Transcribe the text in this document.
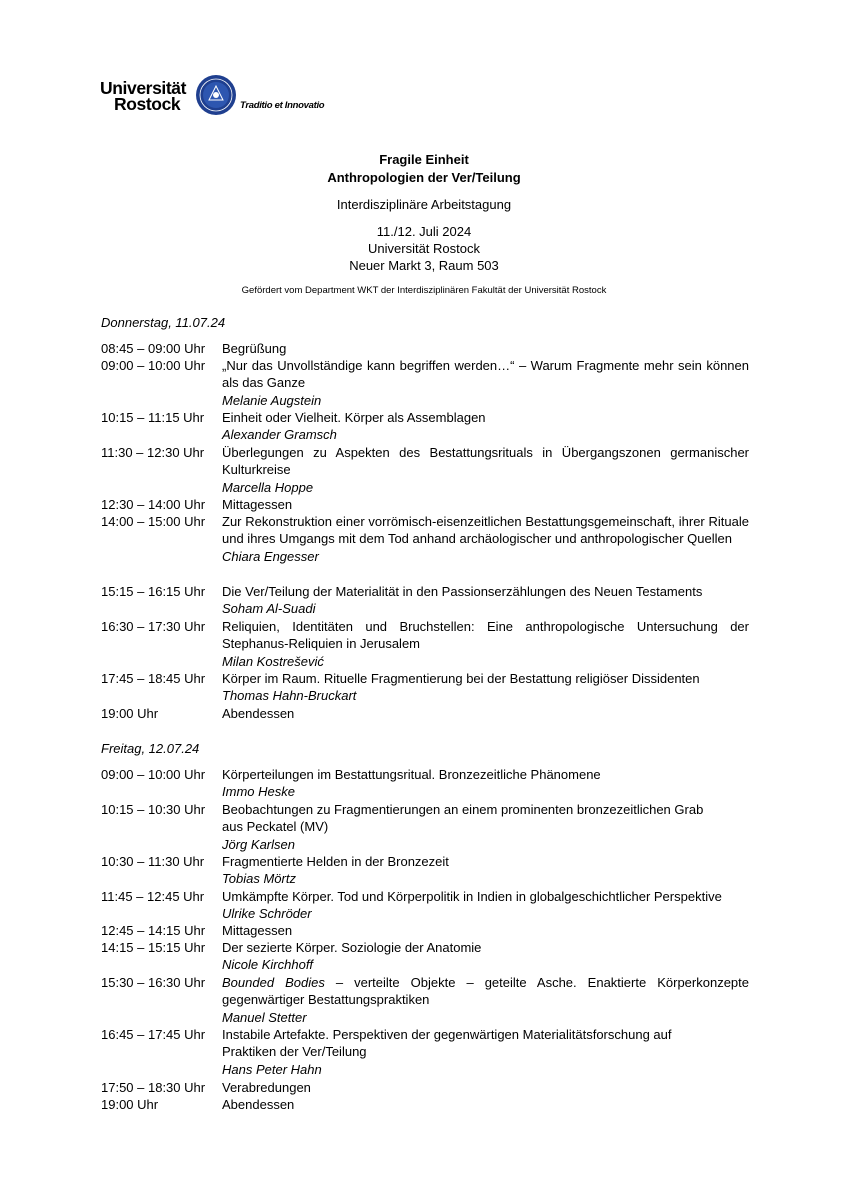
Universität
Rostock	Traditio et Innovatio
Fragile Einheit
Anthropologien der Ver/Teilung
Interdisziplinäre Arbeitstagung
11./12. Juli 2024
Universität Rostock
Neuer Markt 3, Raum 503
Gefördert vom Department WKT der Interdisziplinären Fakultät der Universität Rostock
Donnerstag, 11.07.24
08:45 – 09:00 Uhr	Begrüßung
09:00 – 10:00 Uhr	„Nur das Unvollständige kann begriffen werden…“ – Warum Fragmente mehr sein können als das Ganze
Melanie Augstein
10:15 – 11:15 Uhr	Einheit oder Vielheit. Körper als Assemblagen
Alexander Gramsch
11:30 – 12:30 Uhr	Überlegungen zu Aspekten des Bestattungsrituals in Übergangszonen germanischer Kulturkreise
Marcella Hoppe
12:30 – 14:00 Uhr	Mittagessen
14:00 – 15:00 Uhr	Zur Rekonstruktion einer vorrömisch-eisenzeitlichen Bestattungsgemeinschaft, ihrer Rituale und ihres Umgangs mit dem Tod anhand archäologischer und anthropologischer Quellen
Chiara Engesser
15:15 – 16:15 Uhr	Die Ver/Teilung der Materialität in den Passionserzählungen des Neuen Testaments
Soham Al-Suadi
16:30 – 17:30 Uhr	Reliquien, Identitäten und Bruchstellen: Eine anthropologische Untersuchung der Stephanus-Reliquien in Jerusalem
Milan Kostrešević
17:45 – 18:45 Uhr	Körper im Raum. Rituelle Fragmentierung bei der Bestattung religiöser Dissidenten
Thomas Hahn-Bruckart
19:00 Uhr	Abendessen
Freitag, 12.07.24
09:00 – 10:00 Uhr	Körperteilungen im Bestattungsritual. Bronzezeitliche Phänomene
Immo Heske
10:15 – 10:30 Uhr	Beobachtungen zu Fragmentierungen an einem prominenten bronzezeitlichen Grab aus Peckatel (MV)
Jörg Karlsen
10:30 – 11:30 Uhr	Fragmentierte Helden in der Bronzezeit
Tobias Mörtz
11:45 – 12:45 Uhr	Umkämpfte Körper. Tod und Körperpolitik in Indien in globalgeschichtlicher Perspektive
Ulrike Schröder
12:45 – 14:15 Uhr	Mittagessen
14:15 – 15:15 Uhr	Der sezierte Körper. Soziologie der Anatomie
Nicole Kirchhoff
15:30 – 16:30 Uhr	Bounded Bodies – verteilte Objekte – geteilte Asche. Enaktierte Körperkonzepte gegenwärtiger Bestattungspraktiken
Manuel Stetter
16:45 – 17:45 Uhr	Instabile Artefakte. Perspektiven der gegenwärtigen Materialitätsforschung auf Praktiken der Ver/Teilung
Hans Peter Hahn
17:50 – 18:30 Uhr	Verabredungen
19:00 Uhr	Abendessen
